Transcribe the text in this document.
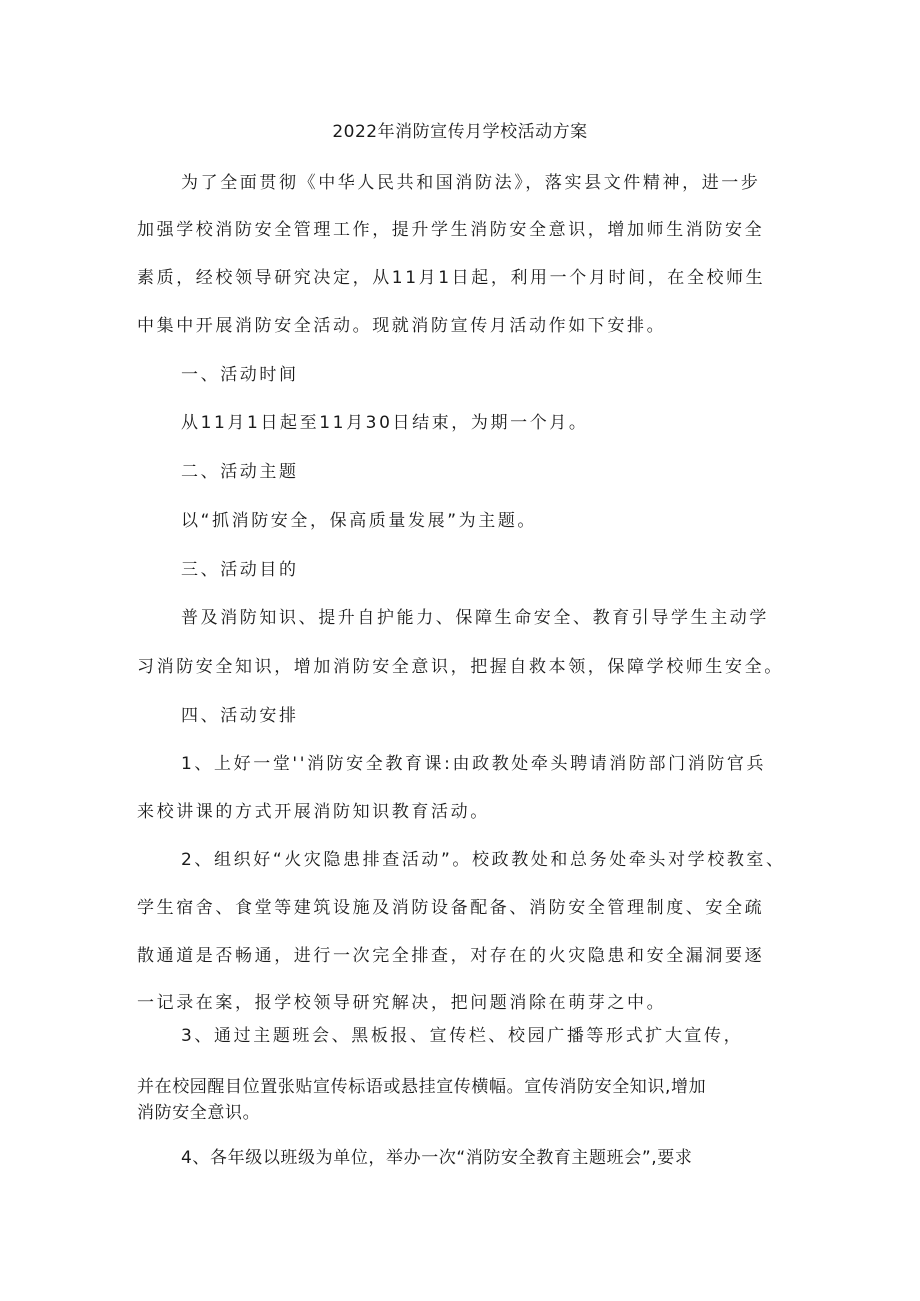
2022年消防宣传月学校活动方案
为了全面贯彻《中华人民共和国消防法》，落实县文件精神，进一步
加强学校消防安全管理工作，提升学生消防安全意识，增加师生消防安全
素质，经校领导研究决定，从11月1日起，利用一个月时间，在全校师生
中集中开展消防安全活动。现就消防宣传月活动作如下安排。
一、活动时间
从11月1日起至11月30日结束，为期一个月。
二、活动主题
以“抓消防安全，保高质量发展”为主题。
三、活动目的
普及消防知识、提升自护能力、保障生命安全、教育引导学生主动学
习消防安全知识，增加消防安全意识，把握自救本领，保障学校师生安全。
四、活动安排
1、上好一堂''消防安全教育课:由政教处牵头聘请消防部门消防官兵
来校讲课的方式开展消防知识教育活动。
2、组织好“火灾隐患排查活动”。校政教处和总务处牵头对学校教室、
学生宿舍、食堂等建筑设施及消防设备配备、消防安全管理制度、安全疏
散通道是否畅通，进行一次完全排查，对存在的火灾隐患和安全漏洞要逐
一记录在案，报学校领导研究解决，把问题消除在萌芽之中。
3、通过主题班会、黑板报、宣传栏、校园广播等形式扩大宣传，
并在校园醒目位置张贴宣传标语或悬挂宣传横幅。宣传消防安全知识,增加
消防安全意识。
4、各年级以班级为单位，举办一次“消防安全教育主题班会”,要求
